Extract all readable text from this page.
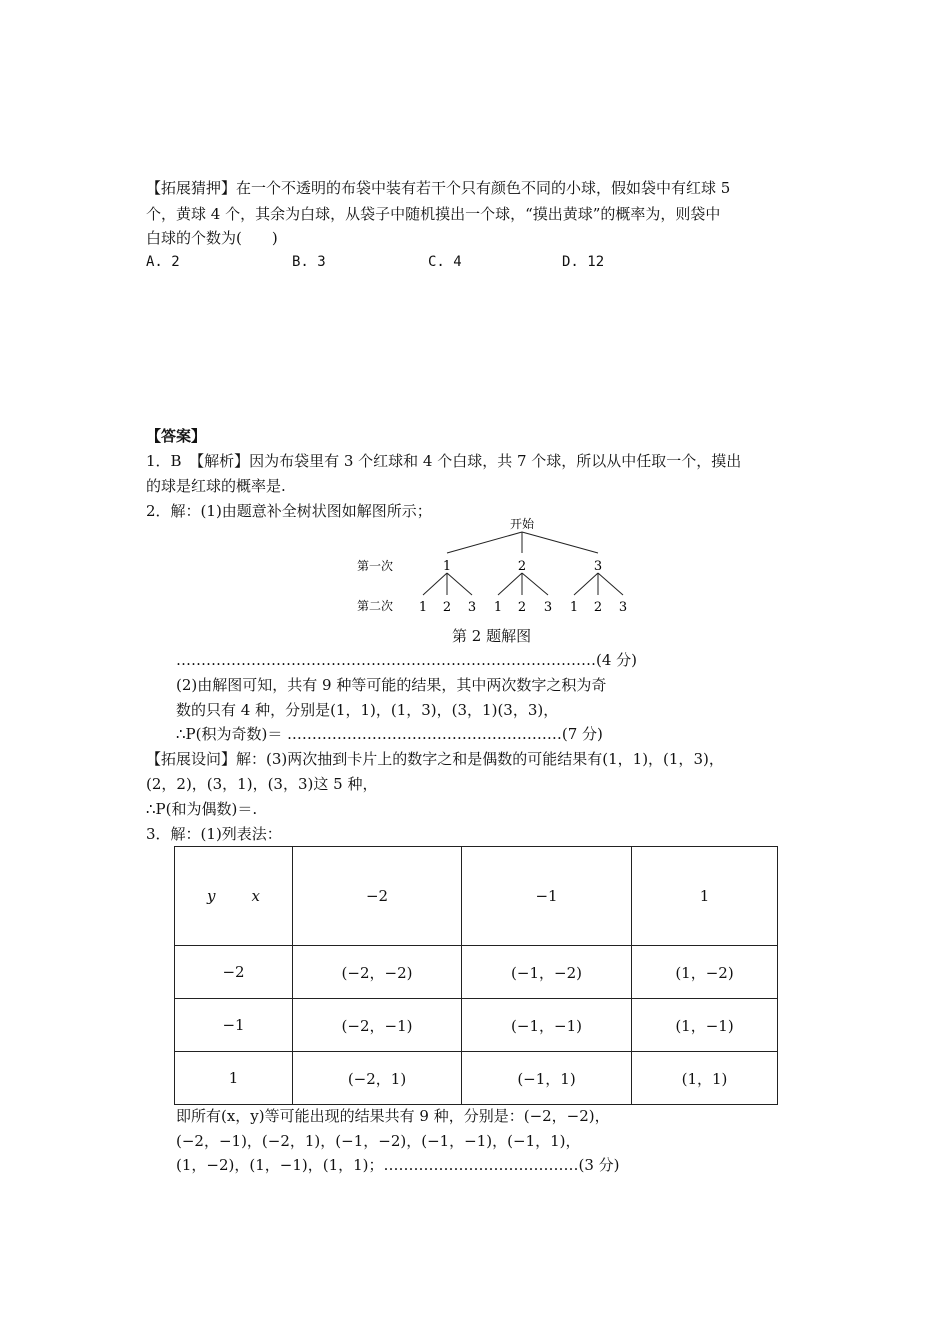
【拓展猜押】在一个不透明的布袋中装有若干个只有颜色不同的小球，假如袋中有红球 5
个，黄球 4 个，其余为白球，从袋子中随机摸出一个球，“摸出黄球”的概率为，则袋中
白球的个数为(　　)
A. 2	B. 3	C. 4	D. 12
【答案】
1．B　【解析】因为布袋里有 3 个红球和 4 个白球，共 7 个球，所以从中任取一个，摸出
的球是红球的概率是.
2．解：(1)由题意补全树状图如解图所示；
开始
第一次
第二次
1	2	3
1 2 3 1 2 3 1 2 3
第 2 题解图
…………………………………………………………………………(4 分)
(2)由解图可知，共有 9 种等可能的结果，其中两次数字之积为奇
数的只有 4 种，分别是(1，1)，(1，3)，(3，1)(3，3)，
∴P(积为奇数)＝ .………………………………………………(7 分)
【拓展设问】解：(3)两次抽到卡片上的数字之和是偶数的可能结果有(1，1)，(1，3)，
(2，2)，(3，1)，(3，3)这 5 种，
∴P(和为偶数)＝.
3．解：(1)列表法：
y x	−2	−1	1
−2	(−2，−2)	(−1，−2)	(1，−2)
−1	(−2，−1)	(−1，−1)	(1，−1)
1	(−2，1)	(−1，1)	(1，1)
即所有(x，y)等可能出现的结果共有 9 种，分别是：(−2，−2)，
(−2，−1)，(−2，1)，(−1，−2)，(−1，−1)，(−1，1)，
(1，−2)，(1，−1)，(1，1)；…………………………………(3 分)
